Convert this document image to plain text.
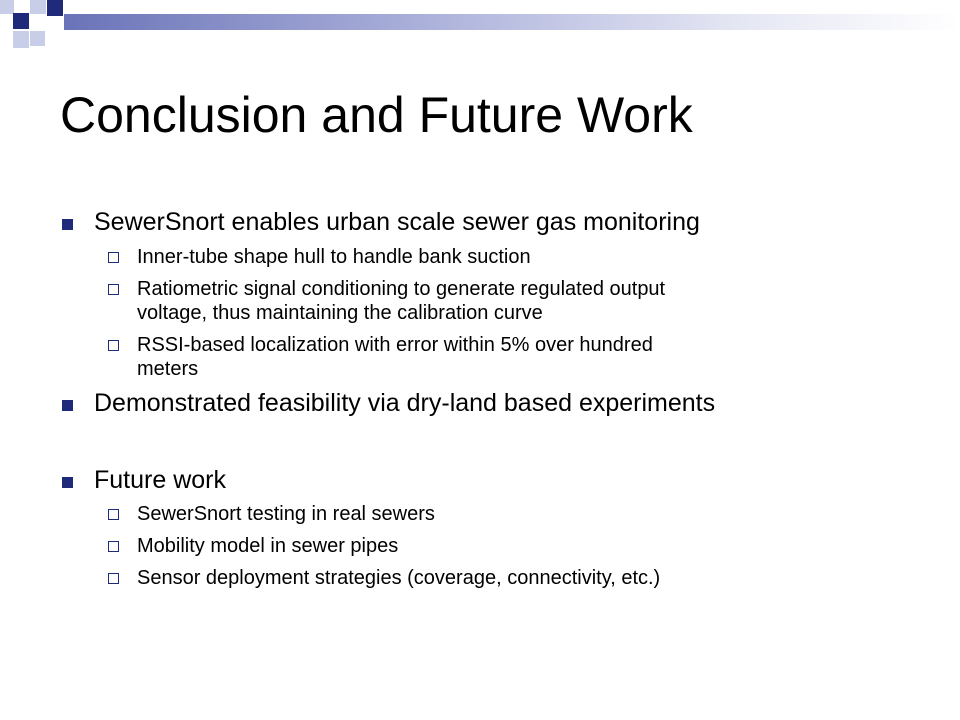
Conclusion and Future Work

SewerSnort enables urban scale sewer gas monitoring

Inner-tube shape hull to handle bank suction

Ratiometric signal conditioning to generate regulated output
voltage, thus maintaining the calibration curve

RSSI-based localization with error within 5% over hundred
meters

Demonstrated feasibility via dry-land based experiments

Future work

SewerSnort testing in real sewers

Mobility model in sewer pipes

Sensor deployment strategies (coverage, connectivity, etc.)
